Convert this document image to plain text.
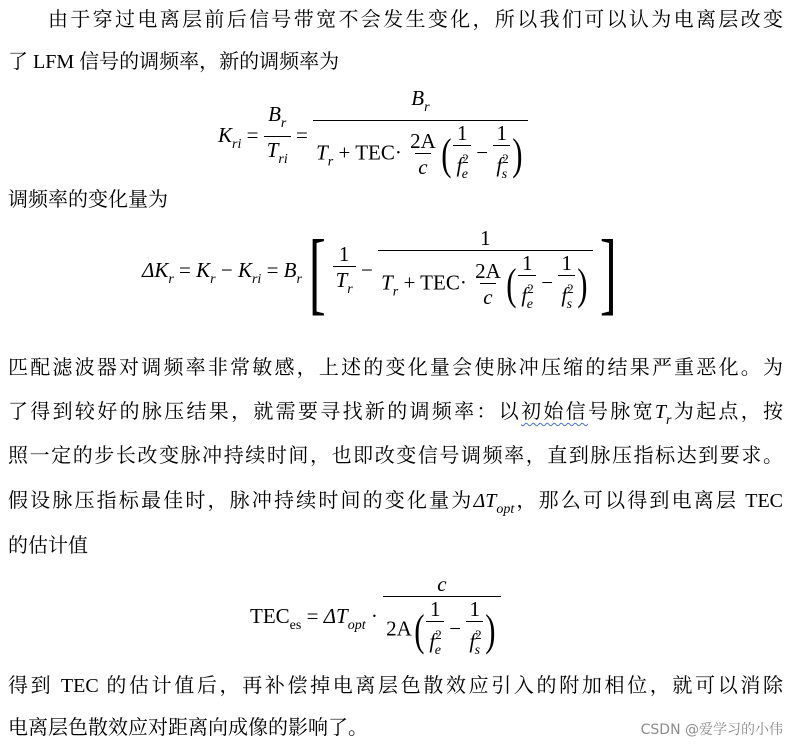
由于穿过电离层前后信号带宽不会发生变化，所以我们可以认为电离层改变
了 LFM 信号的调频率，新的调频率为
$K_{ri} = \frac{B_r}{T_{ri}} = \frac{B_r}{T_r + TEC\cdot \frac{2A}{c} ( \frac{1}{f^2_e} - \frac{1}{f^2_s} )}$
调频率的变化量为
$\Delta K_r = K_r - K_{ri} = B_r[ \frac{1}{T_r} - \frac{1}{T_r + TEC\cdot \frac{2A}{c} ( \frac{1}{f^2_e} - \frac{1}{f^2_s} )}$ ]
匹配滤波器对调频率非常敏感，上述的变化量会使脉冲压缩的结果严重恶化。为
了得到较好的脉压结果，就需要寻找新的调频率：以初始信号脉宽$T_r$为起点，按
照一定的步长改变脉冲持续时间，也即改变信号调频率，直到脉压指标达到要求。
假设脉压指标最佳时，脉冲持续时间的变化量为$\Delta T_{opt}$，那么可以得到电离层 TEC
的估计值
$TEC_{es} = \Delta T_{opt} \cdot \frac{c}{2A( \frac{1}{f^2_e} - \frac{1}{f^2_s} )}$
得到 TEC 的估计值后，再补偿掉电离层色散效应引入的附加相位，就可以消除
电离层色散效应对距离向成像的影响了。	CSDN @爱学习的小伟
